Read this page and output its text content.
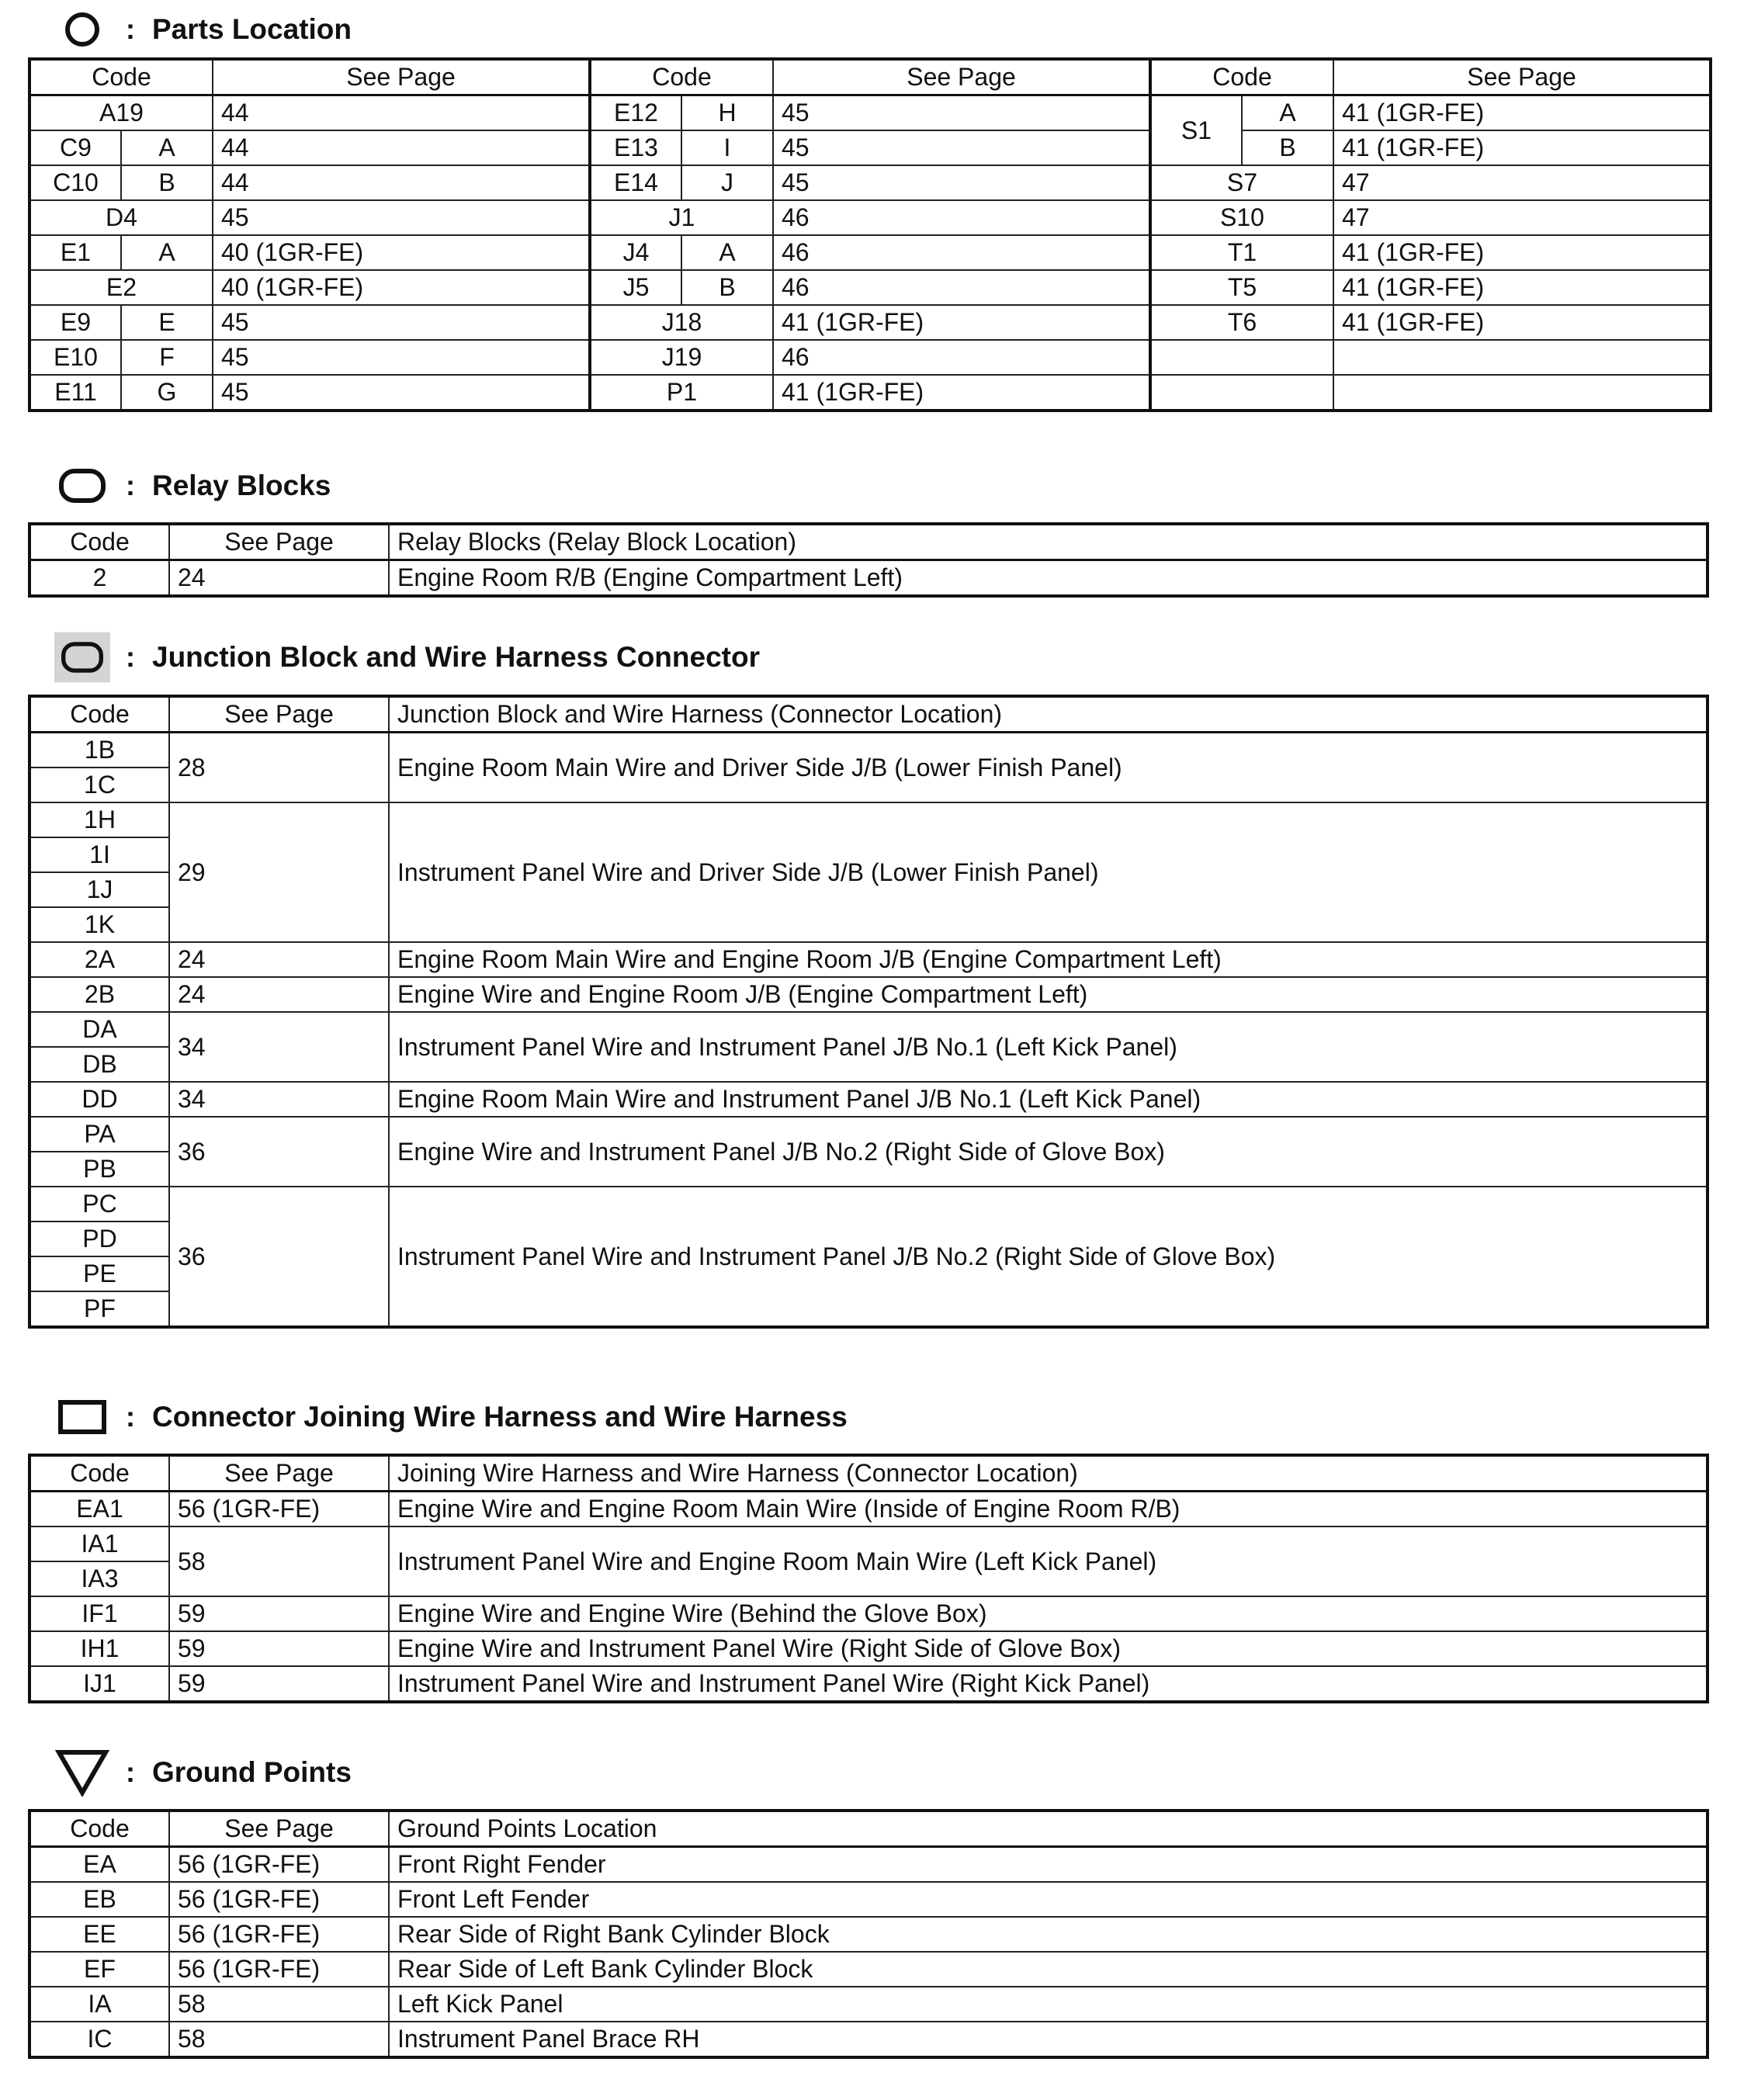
: Parts Location
Code		See Page	Code		See Page	Code		See Page
A19		44	E12	H	45	S1	A	41 (1GR-FE)
C9	A	44	E13	I	45		B	41 (1GR-FE)
C10	B	44	E14	J	45	S7		47
D4		45	J1		46	S10		47
E1	A	40 (1GR-FE)	J4	A	46	T1		41 (1GR-FE)
E2		40 (1GR-FE)	J5	B	46	T5		41 (1GR-FE)
E9	E	45	J18		41 (1GR-FE)	T6		41 (1GR-FE)
E10	F	45	J19		46			
E11	G	45	P1		41 (1GR-FE)			
: Relay Blocks
Code	See Page	Relay Blocks (Relay Block Location)
2	24	Engine Room R/B (Engine Compartment Left)
: Junction Block and Wire Harness Connector
Code	See Page	Junction Block and Wire Harness (Connector Location)
1B	28	Engine Room Main Wire and Driver Side J/B (Lower Finish Panel)
1C		
1H	29	Instrument Panel Wire and Driver Side J/B (Lower Finish Panel)
1I		
1J		
1K		
2A	24	Engine Room Main Wire and Engine Room J/B (Engine Compartment Left)
2B	24	Engine Wire and Engine Room J/B (Engine Compartment Left)
DA	34	Instrument Panel Wire and Instrument Panel J/B No.1 (Left Kick Panel)
DB		
DD	34	Engine Room Main Wire and Instrument Panel J/B No.1 (Left Kick Panel)
PA	36	Engine Wire and Instrument Panel J/B No.2 (Right Side of Glove Box)
PB		
PC	36	Instrument Panel Wire and Instrument Panel J/B No.2 (Right Side of Glove Box)
PD		
PE		
PF		
: Connector Joining Wire Harness and Wire Harness
Code	See Page	Joining Wire Harness and Wire Harness (Connector Location)
EA1	56 (1GR-FE)	Engine Wire and Engine Room Main Wire (Inside of Engine Room R/B)
IA1	58	Instrument Panel Wire and Engine Room Main Wire (Left Kick Panel)
IA3		
IF1	59	Engine Wire and Engine Wire (Behind the Glove Box)
IH1	59	Engine Wire and Instrument Panel Wire (Right Side of Glove Box)
IJ1	59	Instrument Panel Wire and Instrument Panel Wire (Right Kick Panel)
: Ground Points
Code	See Page	Ground Points Location
EA	56 (1GR-FE)	Front Right Fender
EB	56 (1GR-FE)	Front Left Fender
EE	56 (1GR-FE)	Rear Side of Right Bank Cylinder Block
EF	56 (1GR-FE)	Rear Side of Left Bank Cylinder Block
IA	58	Left Kick Panel
IC	58	Instrument Panel Brace RH
